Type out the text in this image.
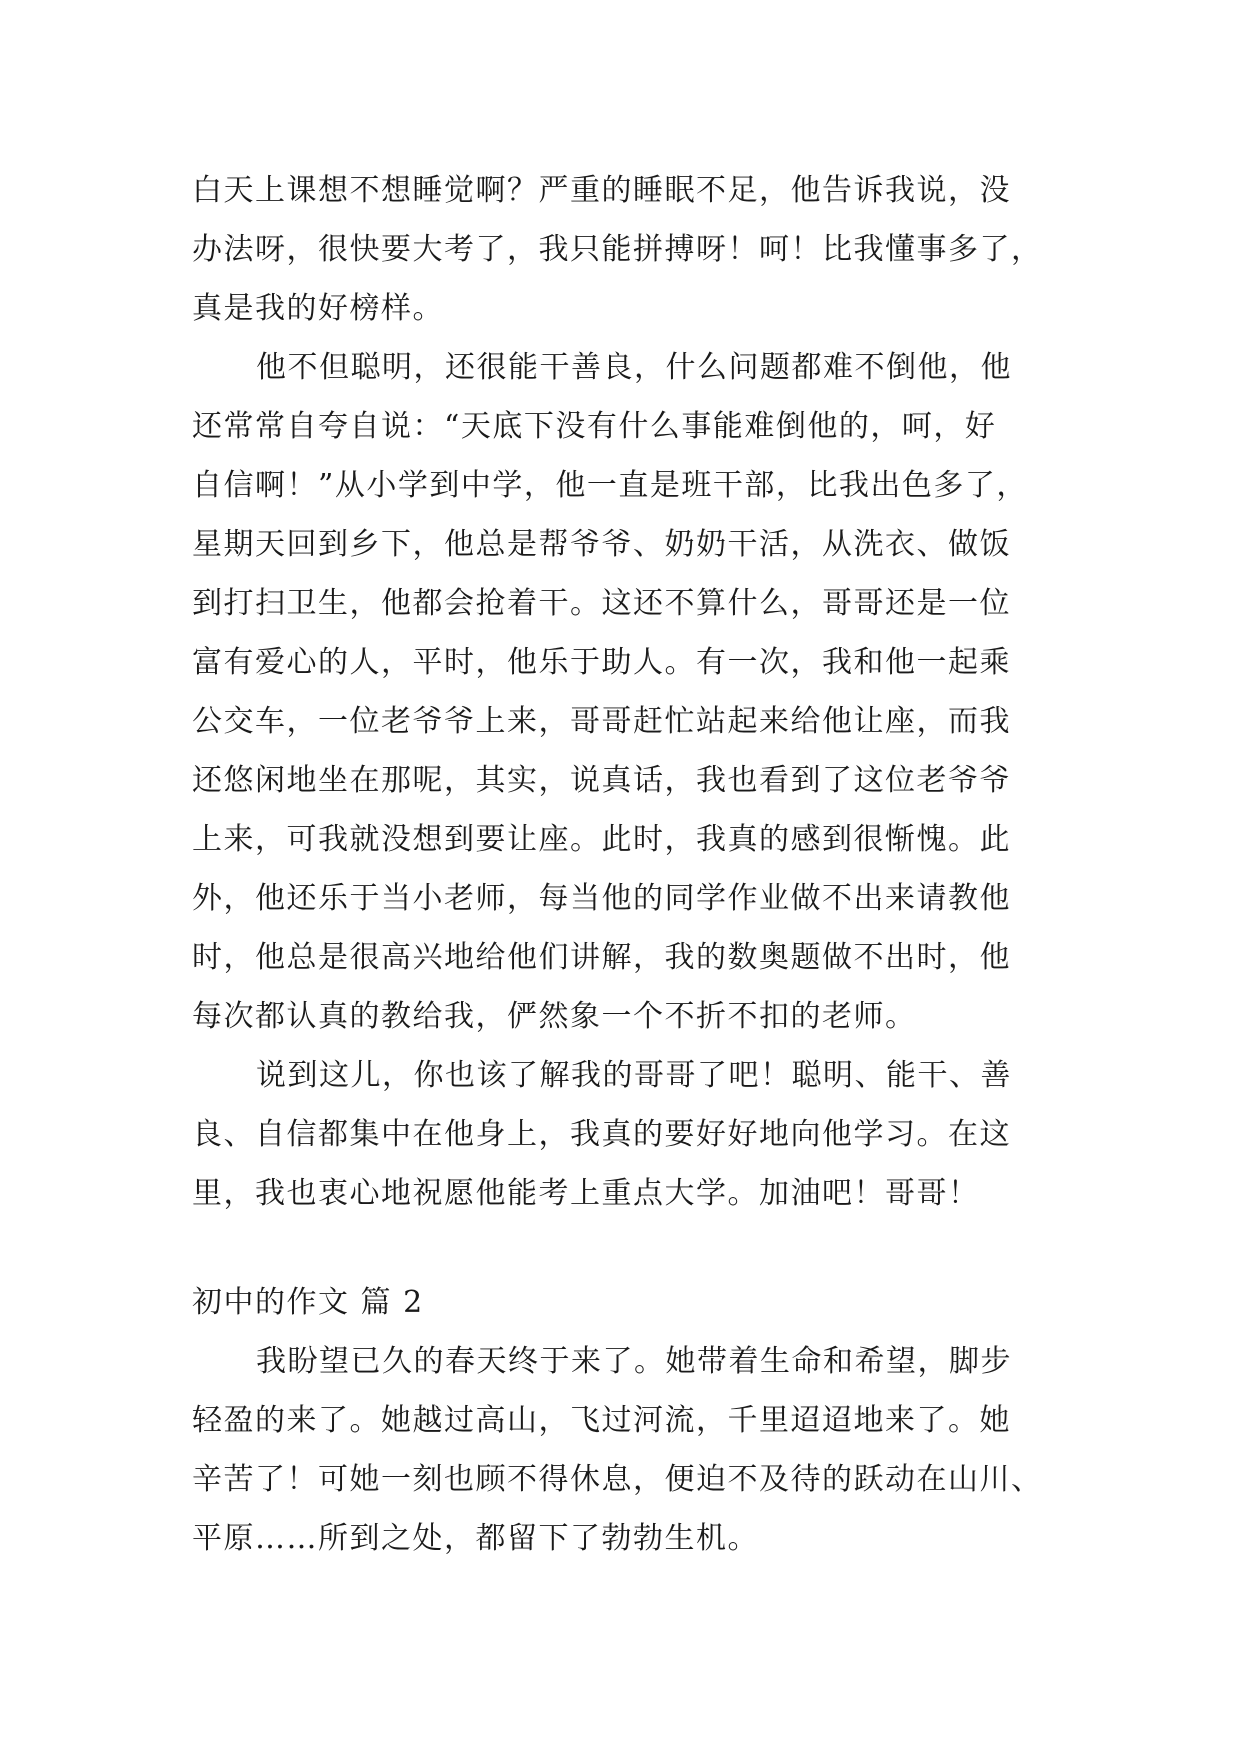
白天上课想不想睡觉啊？严重的睡眠不足，他告诉我说，没
办法呀，很快要大考了，我只能拼搏呀！呵！比我懂事多了，
真是我的好榜样。
他不但聪明，还很能干善良，什么问题都难不倒他，他
还常常自夸自说：“天底下没有什么事能难倒他的，呵，好
自信啊！”从小学到中学，他一直是班干部，比我出色多了，
星期天回到乡下，他总是帮爷爷、奶奶干活，从洗衣、做饭
到打扫卫生，他都会抢着干。这还不算什么，哥哥还是一位
富有爱心的人，平时，他乐于助人。有一次，我和他一起乘
公交车，一位老爷爷上来，哥哥赶忙站起来给他让座，而我
还悠闲地坐在那呢，其实，说真话，我也看到了这位老爷爷
上来，可我就没想到要让座。此时，我真的感到很惭愧。此
外，他还乐于当小老师，每当他的同学作业做不出来请教他
时，他总是很高兴地给他们讲解，我的数奥题做不出时，他
每次都认真的教给我，俨然象一个不折不扣的老师。
说到这儿，你也该了解我的哥哥了吧！聪明、能干、善
良、自信都集中在他身上，我真的要好好地向他学习。在这
里，我也衷心地祝愿他能考上重点大学。加油吧！哥哥！
初中的作文 篇 2
我盼望已久的春天终于来了。她带着生命和希望，脚步
轻盈的来了。她越过高山，飞过河流，千里迢迢地来了。她
辛苦了！可她一刻也顾不得休息，便迫不及待的跃动在山川、
平原……所到之处，都留下了勃勃生机。
